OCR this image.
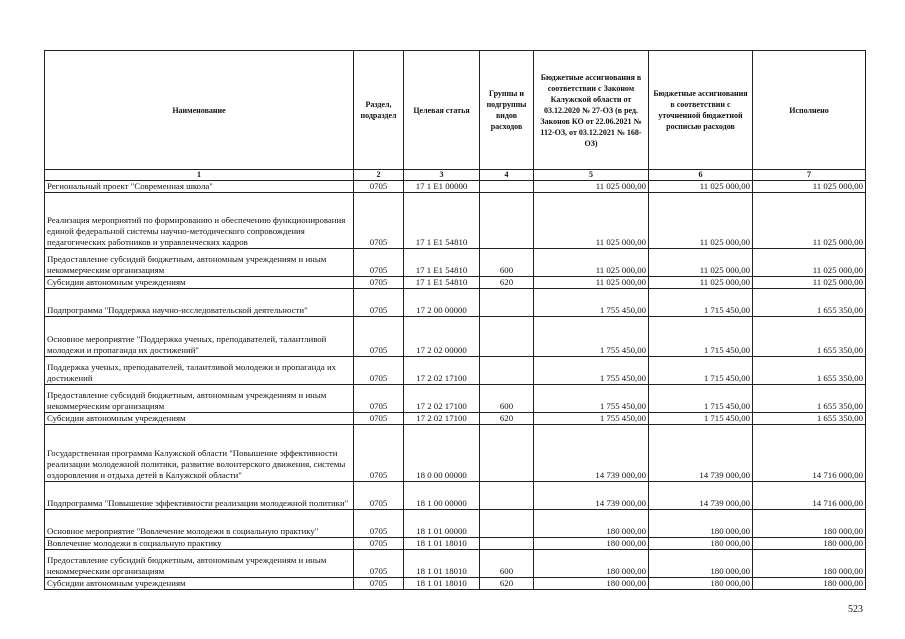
Наименование	Раздел, подраздел	Целевая статья	Группы и подгруппы видов расходов	Бюджетные ассигнования в соответствии с Законом Калужской области от 03.12.2020 № 27-ОЗ (в ред. Законов КО от 22.06.2021 № 112-ОЗ, от 03.12.2021 № 168-ОЗ)	Бюджетные ассигнования в соответствии с уточненной бюджетной росписью расходов	Исполнено
1	2	3	4	5	6	7
Региональный проект "Современная школа"	0705	17 1 E1 00000		11 025 000,00	11 025 000,00	11 025 000,00
Реализация мероприятий по формированию и обеспечению функционирования единой федеральной системы научно-методического сопровождения педагогических работников и управленческих кадров	0705	17 1 E1 54810		11 025 000,00	11 025 000,00	11 025 000,00
Предоставление субсидий бюджетным, автономным учреждениям и иным некоммерческим организациям	0705	17 1 E1 54810	600	11 025 000,00	11 025 000,00	11 025 000,00
Субсидии автономным учреждениям	0705	17 1 E1 54810	620	11 025 000,00	11 025 000,00	11 025 000,00
Подпрограмма "Поддержка научно-исследовательской деятельности"	0705	17 2 00 00000		1 755 450,00	1 715 450,00	1 655 350,00
Основное мероприятие "Поддержка ученых, преподавателей, талантливой молодежи и пропаганда их достижений"	0705	17 2 02 00000		1 755 450,00	1 715 450,00	1 655 350,00
Поддержка ученых, преподавателей, талантливой молодежи и пропаганда их достижений	0705	17 2 02 17100		1 755 450,00	1 715 450,00	1 655 350,00
Предоставление субсидий бюджетным, автономным учреждениям и иным некоммерческим организациям	0705	17 2 02 17100	600	1 755 450,00	1 715 450,00	1 655 350,00
Субсидии автономным учреждениям	0705	17 2 02 17100	620	1 755 450,00	1 715 450,00	1 655 350,00
Государственная программа Калужской области "Повышение эффективности реализации молодежной политики, развитие волонтерского движения, системы оздоровления и отдыха детей в Калужской области"	0705	18 0 00 00000		14 739 000,00	14 739 000,00	14 716 000,00
Подпрограмма "Повышение эффективности реализации молодежной политики"	0705	18 1 00 00000		14 739 000,00	14 739 000,00	14 716 000,00
Основное мероприятие "Вовлечение молодежи в социальную практику"	0705	18 1 01 00000		180 000,00	180 000,00	180 000,00
Вовлечение молодежи в социальную практику	0705	18 1 01 18010		180 000,00	180 000,00	180 000,00
Предоставление субсидий бюджетным, автономным учреждениям и иным некоммерческим организациям	0705	18 1 01 18010	600	180 000,00	180 000,00	180 000,00
Субсидии автономным учреждениям	0705	18 1 01 18010	620	180 000,00	180 000,00	180 000,00
523
